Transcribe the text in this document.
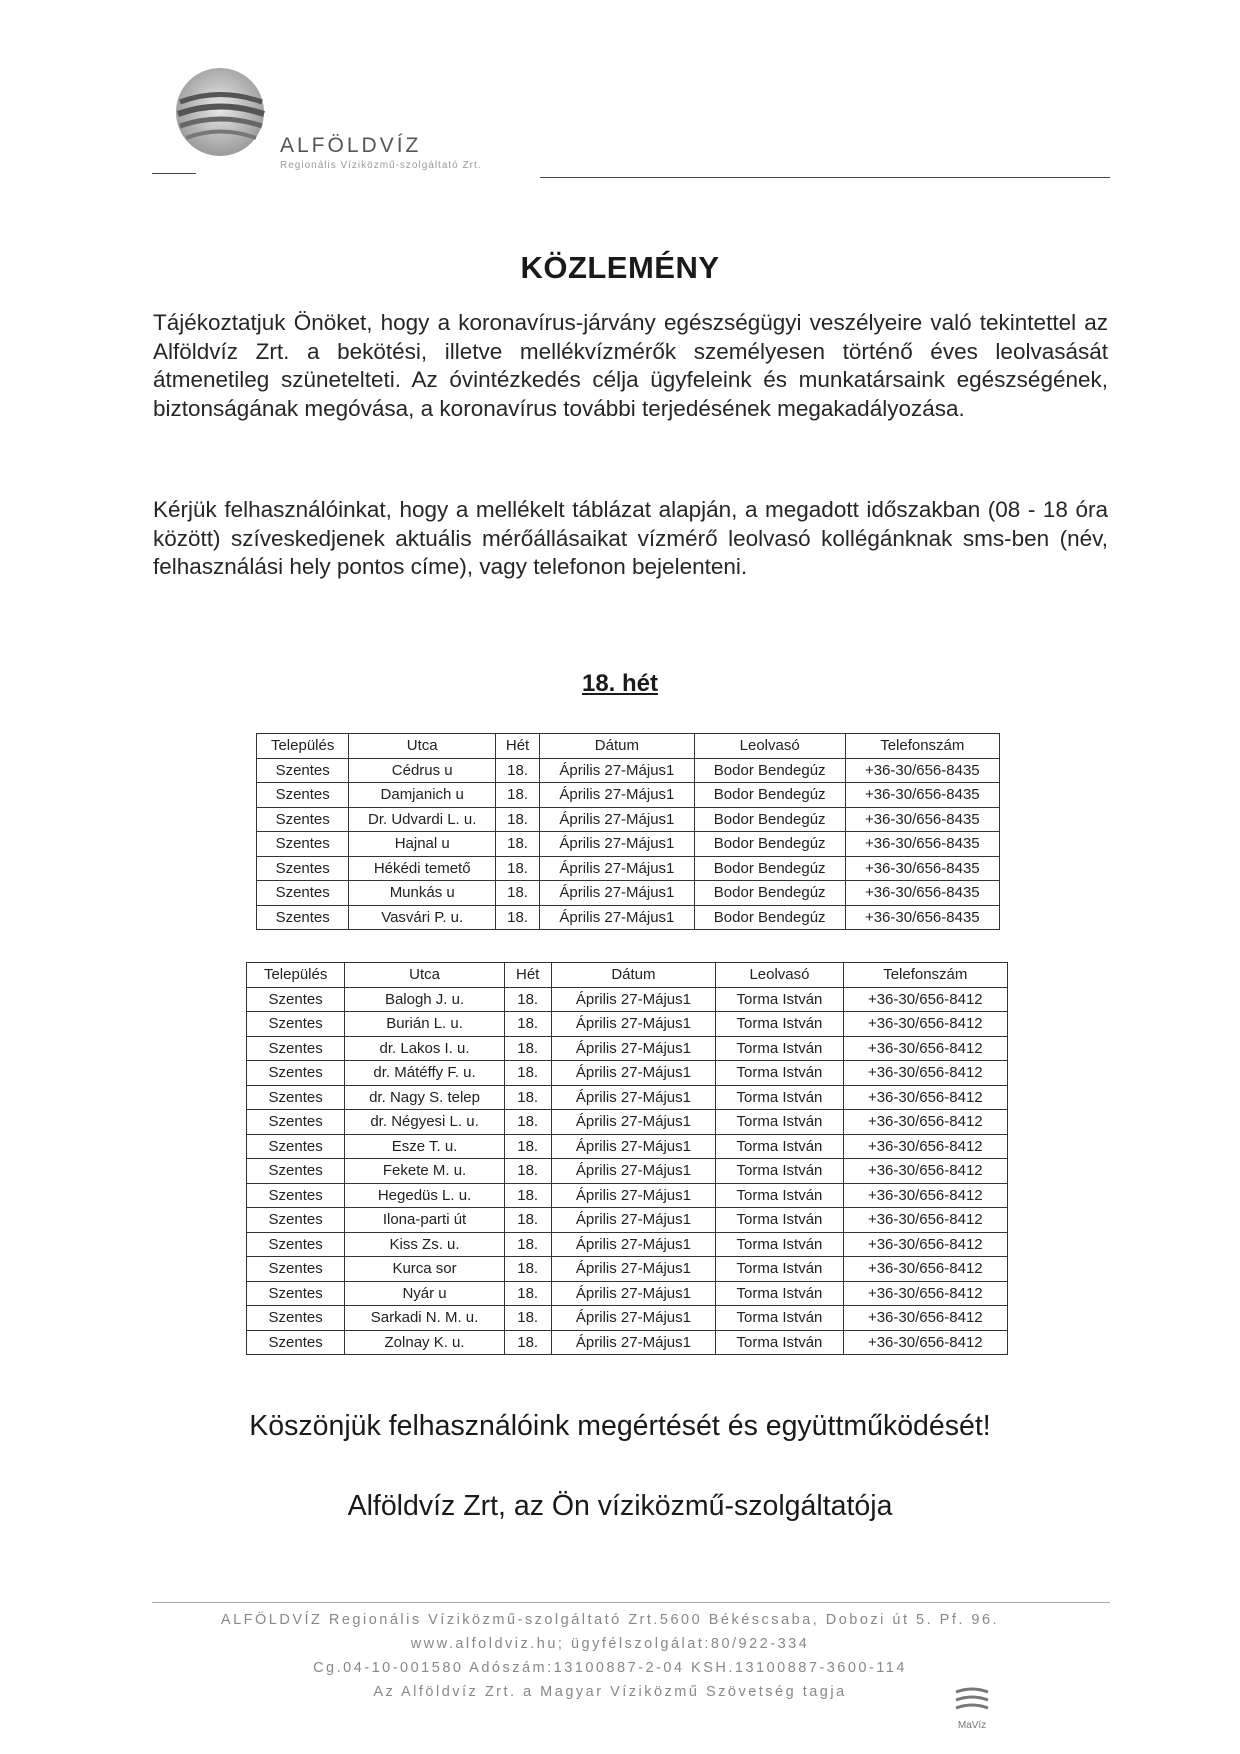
ALFÖLDVÍZ
Regionális Víziközmű-szolgáltató Zrt.
KÖZLEMÉNY
Tájékoztatjuk Önöket, hogy a koronavírus-járvány egészségügyi veszélyeire való tekintettel az Alföldvíz Zrt. a bekötési, illetve mellékvízmérők személyesen történő éves leolvasását átmenetileg szünetelteti. Az óvintézkedés célja ügyfeleink és munkatársaink egészségének, biztonságának megóvása, a koronavírus további terjedésének megakadályozása.
Kérjük felhasználóinkat, hogy a mellékelt táblázat alapján, a megadott időszakban (08 - 18 óra között) szíveskedjenek aktuális mérőállásaikat vízmérő leolvasó kollégánknak sms-ben (név, felhasználási hely pontos címe), vagy telefonon bejelenteni.
18. hét
Település	Utca	Hét	Dátum	Leolvasó	Telefonszám
Szentes	Cédrus u	18.	Április 27-Május1	Bodor Bendegúz	+36-30/656-8435
Szentes	Damjanich u	18.	Április 27-Május1	Bodor Bendegúz	+36-30/656-8435
Szentes	Dr. Udvardi L. u.	18.	Április 27-Május1	Bodor Bendegúz	+36-30/656-8435
Szentes	Hajnal u	18.	Április 27-Május1	Bodor Bendegúz	+36-30/656-8435
Szentes	Hékédi temető	18.	Április 27-Május1	Bodor Bendegúz	+36-30/656-8435
Szentes	Munkás u	18.	Április 27-Május1	Bodor Bendegúz	+36-30/656-8435
Szentes	Vasvári P. u.	18.	Április 27-Május1	Bodor Bendegúz	+36-30/656-8435
Település	Utca	Hét	Dátum	Leolvasó	Telefonszám
Szentes	Balogh J. u.	18.	Április 27-Május1	Torma István	+36-30/656-8412
Szentes	Burián L. u.	18.	Április 27-Május1	Torma István	+36-30/656-8412
Szentes	dr. Lakos I. u.	18.	Április 27-Május1	Torma István	+36-30/656-8412
Szentes	dr. Mátéffy F. u.	18.	Április 27-Május1	Torma István	+36-30/656-8412
Szentes	dr. Nagy S. telep	18.	Április 27-Május1	Torma István	+36-30/656-8412
Szentes	dr. Négyesi L. u.	18.	Április 27-Május1	Torma István	+36-30/656-8412
Szentes	Esze T. u.	18.	Április 27-Május1	Torma István	+36-30/656-8412
Szentes	Fekete M. u.	18.	Április 27-Május1	Torma István	+36-30/656-8412
Szentes	Hegedüs L. u.	18.	Április 27-Május1	Torma István	+36-30/656-8412
Szentes	Ilona-parti út	18.	Április 27-Május1	Torma István	+36-30/656-8412
Szentes	Kiss Zs. u.	18.	Április 27-Május1	Torma István	+36-30/656-8412
Szentes	Kurca sor	18.	Április 27-Május1	Torma István	+36-30/656-8412
Szentes	Nyár u	18.	Április 27-Május1	Torma István	+36-30/656-8412
Szentes	Sarkadi N. M. u.	18.	Április 27-Május1	Torma István	+36-30/656-8412
Szentes	Zolnay K. u.	18.	Április 27-Május1	Torma István	+36-30/656-8412
Köszönjük felhasználóink megértését és együttműködését!
Alföldvíz Zrt, az Ön víziközmű-szolgáltatója
ALFÖLDVÍZ Regionális Víziközmű-szolgáltató Zrt.5600 Békéscsaba, Dobozi út 5. Pf. 96.
www.alfoldviz.hu; ügyfélszolgálat:80/922-334
Cg.04-10-001580 Adószám:13100887-2-04 KSH.13100887-3600-114
Az Alföldvíz Zrt. a Magyar Víziközmű Szövetség tagja
MaVíz
